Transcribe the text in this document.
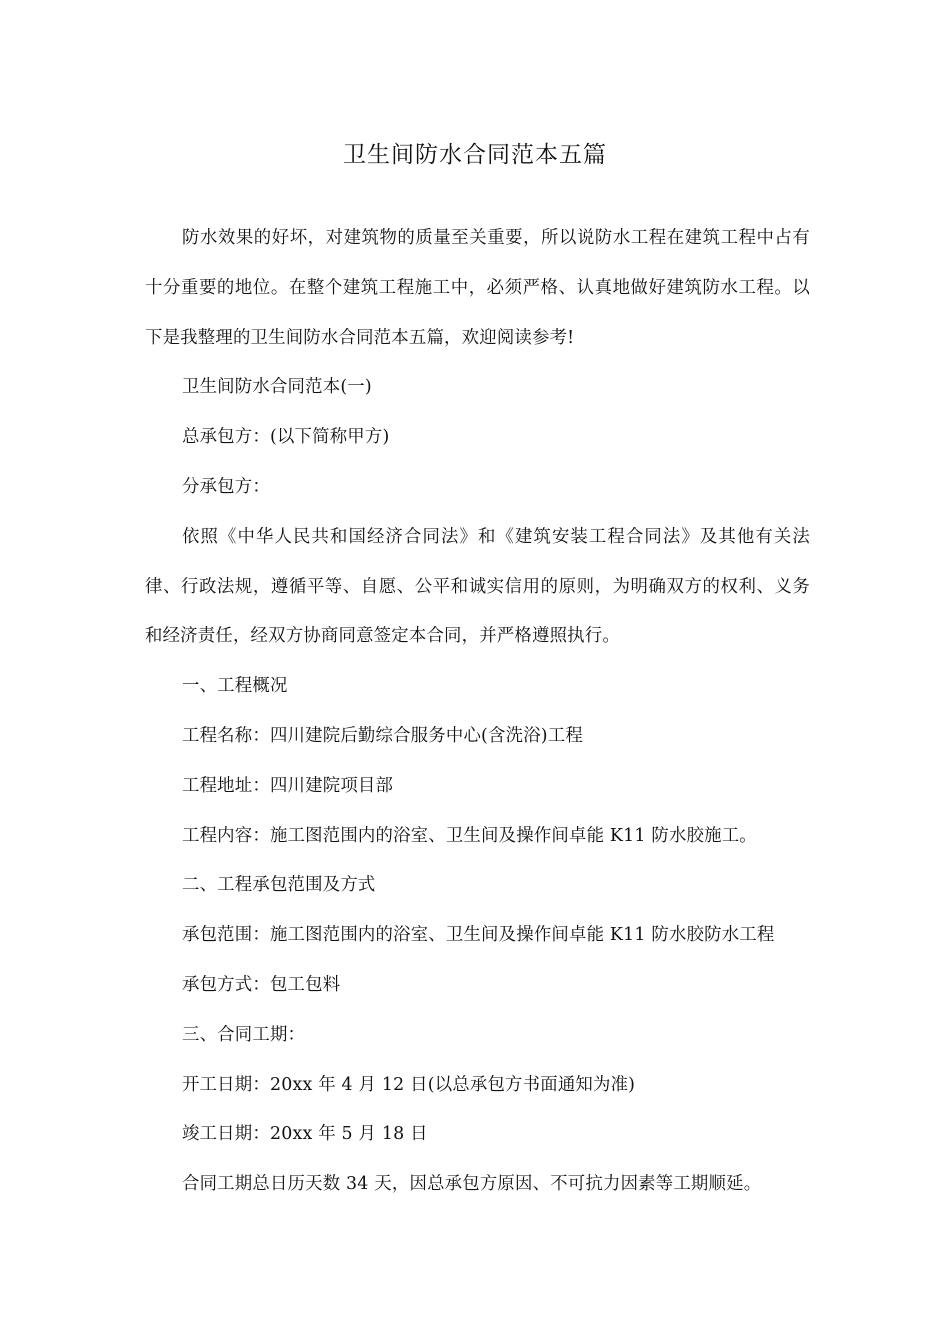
卫生间防水合同范本五篇

防水效果的好坏，对建筑物的质量至关重要，所以说防水工程在建筑工程中占有十分重要的地位。在整个建筑工程施工中，必须严格、认真地做好建筑防水工程。以下是我整理的卫生间防水合同范本五篇，欢迎阅读参考!

卫生间防水合同范本(一)

总承包方：(以下简称甲方)

分承包方：

依照《中华人民共和国经济合同法》和《建筑安装工程合同法》及其他有关法律、行政法规，遵循平等、自愿、公平和诚实信用的原则，为明确双方的权利、义务和经济责任，经双方协商同意签定本合同，并严格遵照执行。

一、工程概况

工程名称：四川建院后勤综合服务中心(含洗浴)工程

工程地址：四川建院项目部

工程内容：施工图范围内的浴室、卫生间及操作间卓能 K11 防水胶施工。

二、工程承包范围及方式

承包范围：施工图范围内的浴室、卫生间及操作间卓能 K11 防水胶防水工程

承包方式：包工包料

三、合同工期：

开工日期：20xx 年 4 月 12 日(以总承包方书面通知为准)

竣工日期：20xx 年 5 月 18 日

合同工期总日历天数 34 天，因总承包方原因、不可抗力因素等工期顺延。
